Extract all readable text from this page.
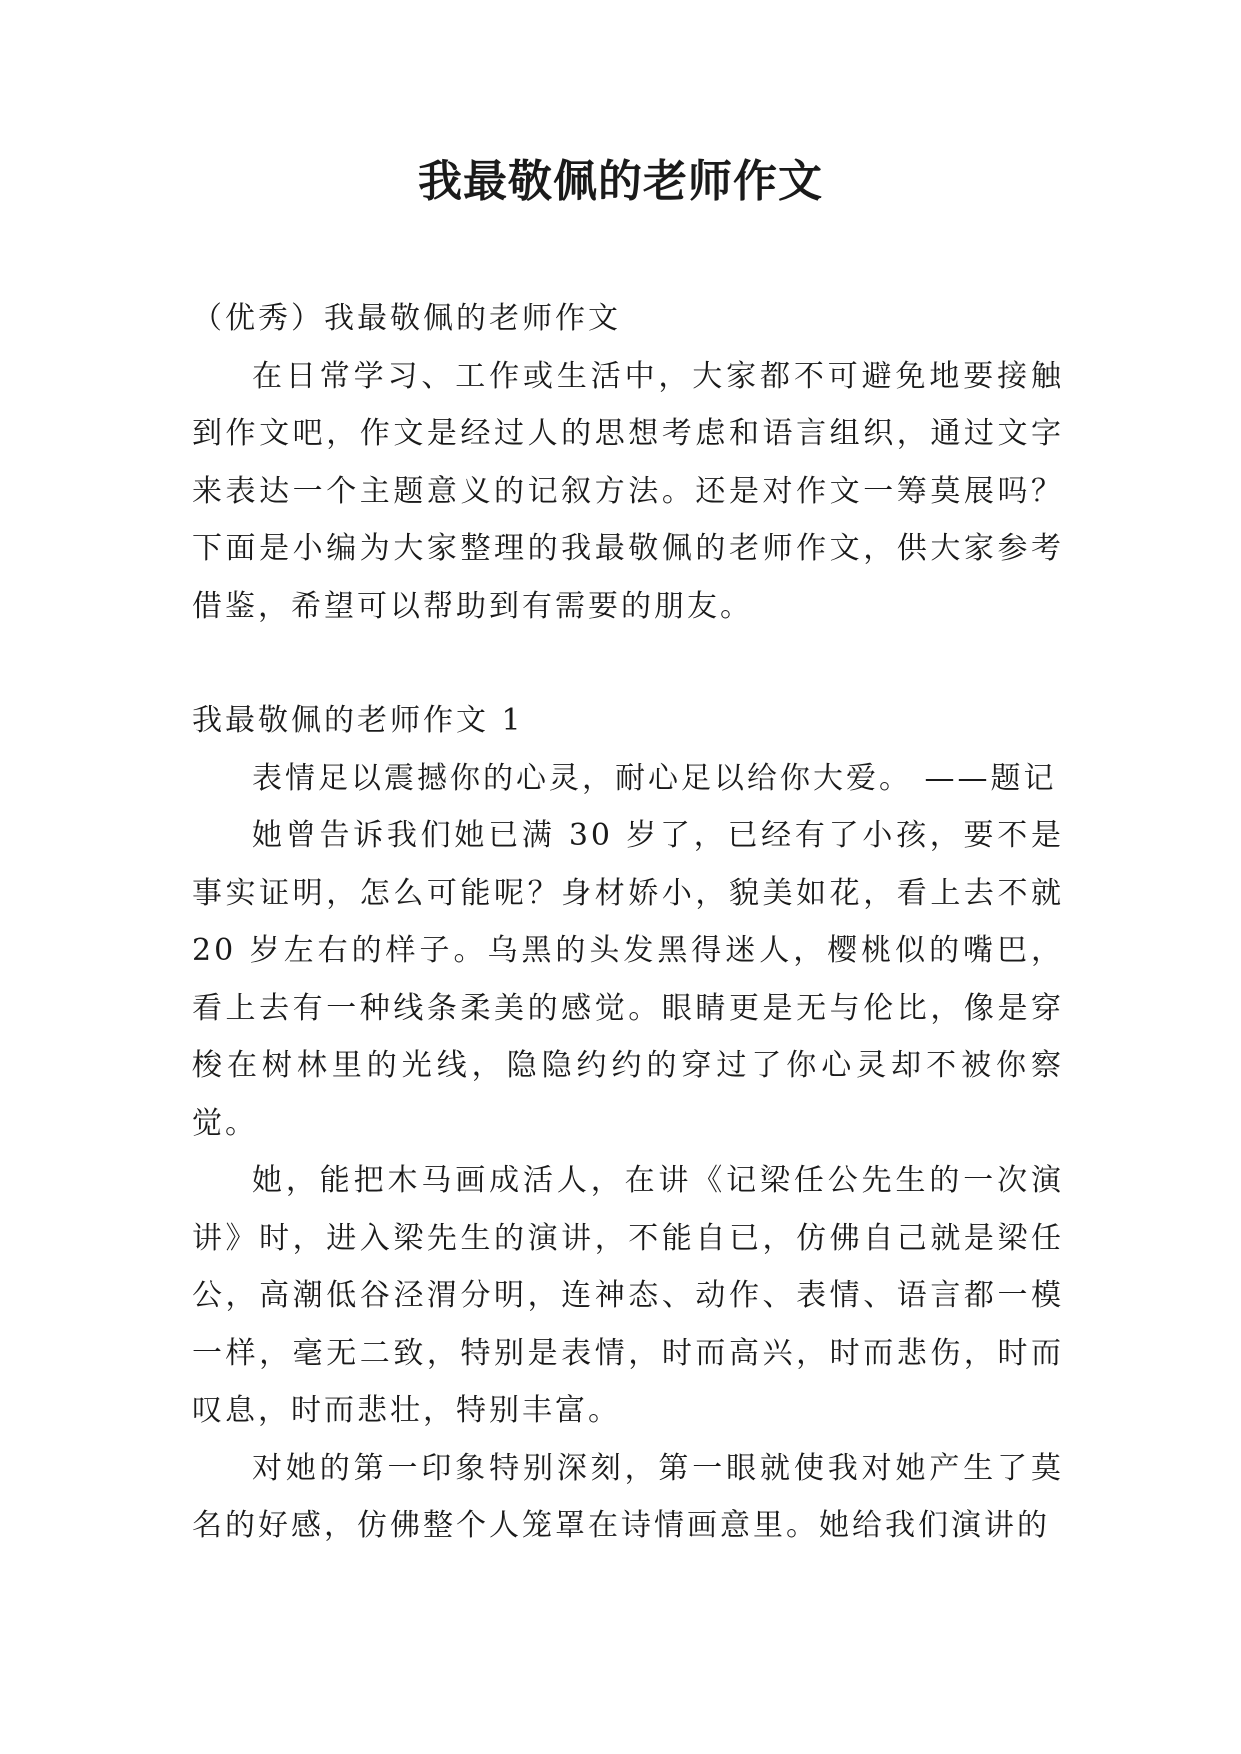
我最敬佩的老师作文

（优秀）我最敬佩的老师作文

在日常学习、工作或生活中，大家都不可避免地要接触到作文吧，作文是经过人的思想考虑和语言组织，通过文字来表达一个主题意义的记叙方法。还是对作文一筹莫展吗？下面是小编为大家整理的我最敬佩的老师作文，供大家参考借鉴，希望可以帮助到有需要的朋友。

我最敬佩的老师作文 1

表情足以震撼你的心灵，耐心足以给你大爱。 ——题记

她曾告诉我们她已满 30 岁了，已经有了小孩，要不是事实证明，怎么可能呢？身材娇小，貌美如花，看上去不就 20 岁左右的样子。乌黑的头发黑得迷人，樱桃似的嘴巴，看上去有一种线条柔美的感觉。眼睛更是无与伦比，像是穿梭在树林里的光线，隐隐约约的穿过了你心灵却不被你察觉。

她，能把木马画成活人，在讲《记梁任公先生的一次演讲》时，进入梁先生的演讲，不能自已，仿佛自己就是梁任公，高潮低谷泾渭分明，连神态、动作、表情、语言都一模一样，毫无二致，特别是表情，时而高兴，时而悲伤，时而叹息，时而悲壮，特别丰富。

对她的第一印象特别深刻，第一眼就使我对她产生了莫名的好感，仿佛整个人笼罩在诗情画意里。她给我们演讲的
